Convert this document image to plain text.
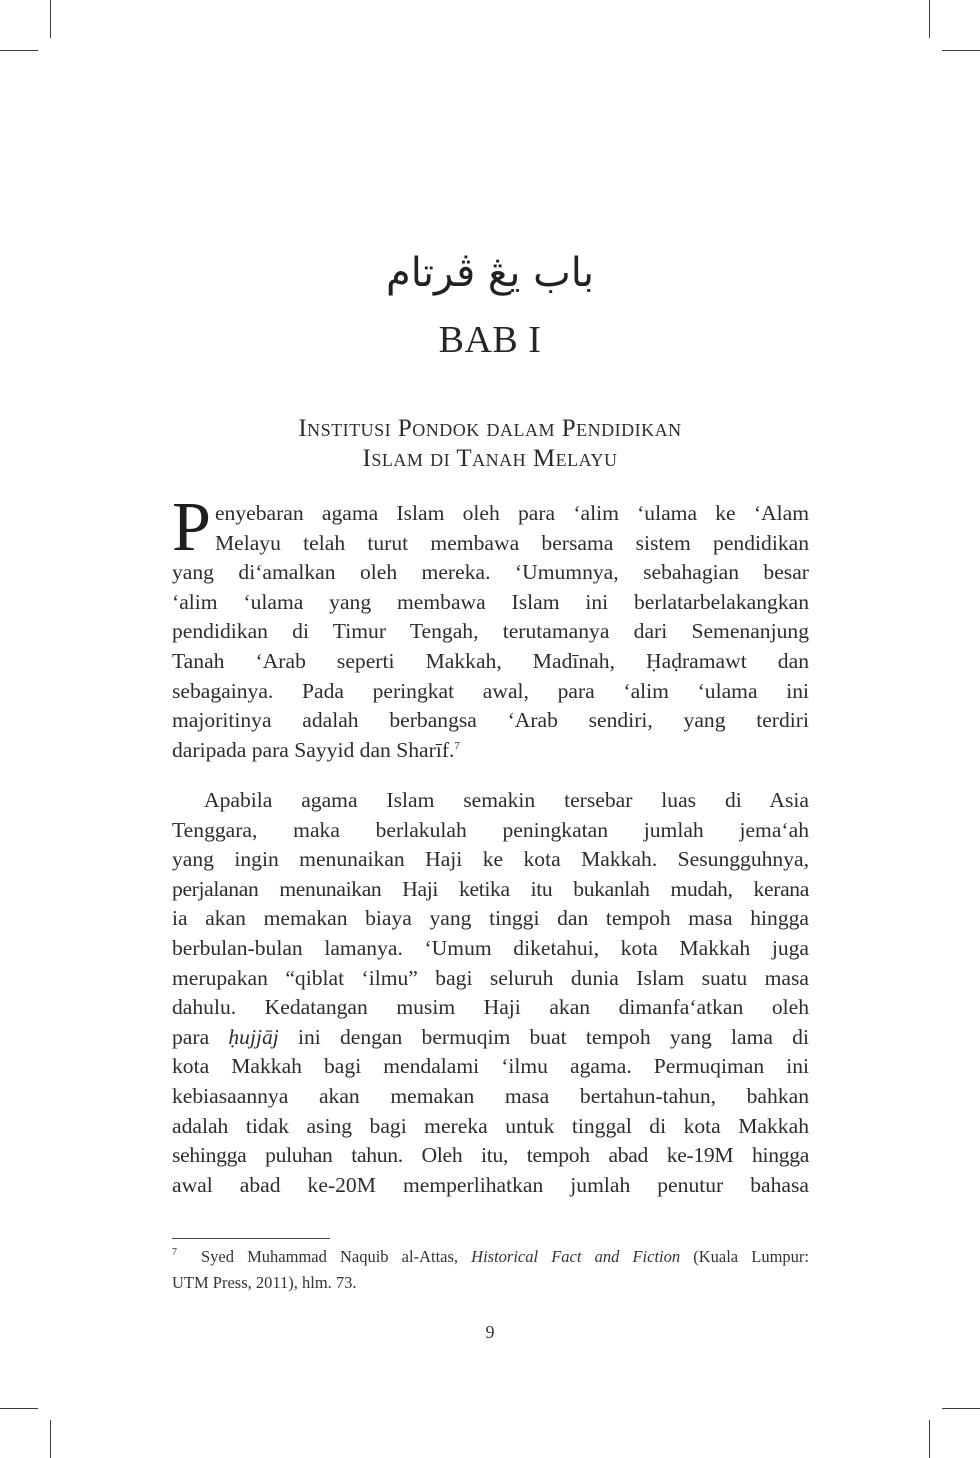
باب يڠ ڤرتام
BAB I
Institusi Pondok dalam Pendidikan
Islam di Tanah Melayu
P enyebaran agama Islam oleh para ‘alim ‘ulama ke ‘Alam
Melayu telah turut membawa bersama sistem pendidikan
yang di‘amalkan oleh mereka. ‘Umumnya, sebahagian besar
‘alim ‘ulama yang membawa Islam ini berlatarbelakangkan
pendidikan di Timur Tengah, terutamanya dari Semenanjung
Tanah ‘Arab seperti Makkah, Madīnah, Ḥaḍramawt dan
sebagainya. Pada peringkat awal, para ‘alim ‘ulama ini
majoritinya adalah berbangsa ‘Arab sendiri, yang terdiri
daripada para Sayyid dan Sharīf.$^7$
Apabila agama Islam semakin tersebar luas di Asia
Tenggara, maka berlakulah peningkatan jumlah jema‘ah
yang ingin menunaikan Haji ke kota Makkah. Sesungguhnya,
perjalanan menunaikan Haji ketika itu bukanlah mudah, kerana
ia akan memakan biaya yang tinggi dan tempoh masa hingga
berbulan-bulan lamanya. ‘Umum diketahui, kota Makkah juga
merupakan “qiblat ‘ilmu” bagi seluruh dunia Islam suatu masa
dahulu. Kedatangan musim Haji akan dimanfa‘atkan oleh
para ḥujjāj ini dengan bermuqim buat tempoh yang lama di
kota Makkah bagi mendalami ‘ilmu agama. Permuqiman ini
kebiasaannya akan memakan masa bertahun-tahun, bahkan
adalah tidak asing bagi mereka untuk tinggal di kota Makkah
sehingga puluhan tahun. Oleh itu, tempoh abad ke-19M hingga
awal abad ke-20M memperlihatkan jumlah penutur bahasa
7	Syed Muhammad Naquib al-Attas, Historical Fact and Fiction (Kuala Lumpur:
UTM Press, 2011), hlm. 73.
9
